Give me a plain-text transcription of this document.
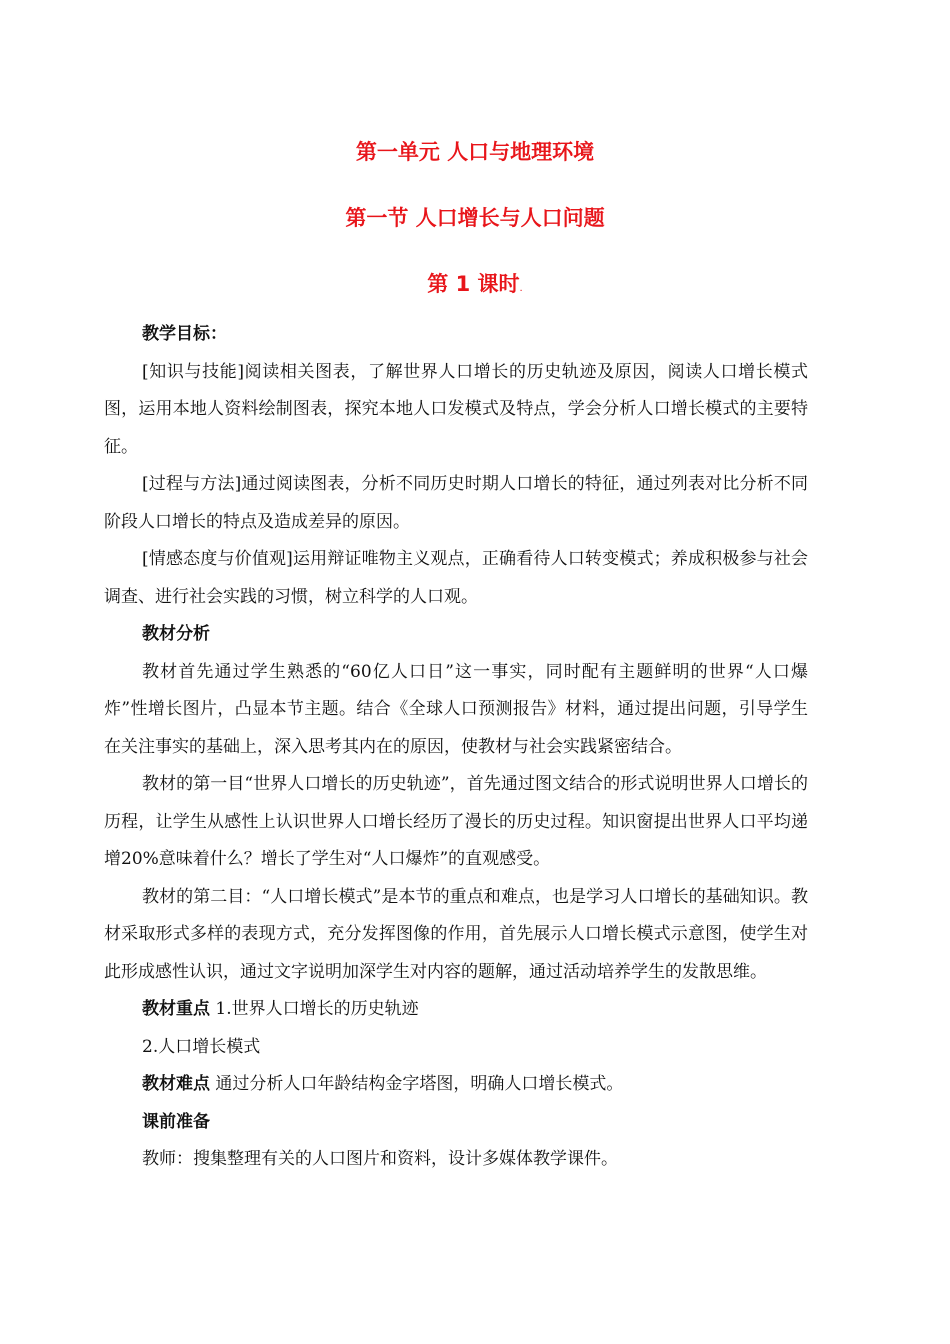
第一单元 人口与地理环境
第一节 人口增长与人口问题
第 1 课时.

教学目标：

[知识与技能]阅读相关图表，了解世界人口增长的历史轨迹及原因，阅读人口增长模式图，运用本地人资料绘制图表，探究本地人口发模式及特点，学会分析人口增长模式的主要特征。

[过程与方法]通过阅读图表，分析不同历史时期人口增长的特征，通过列表对比分析不同阶段人口增长的特点及造成差异的原因。

[情感态度与价值观]运用辩证唯物主义观点，正确看待人口转变模式；养成积极参与社会调查、进行社会实践的习惯，树立科学的人口观。

教材分析

教材首先通过学生熟悉的“60亿人口日”这一事实，同时配有主题鲜明的世界“人口爆炸”性增长图片，凸显本节主题。结合《全球人口预测报告》材料，通过提出问题，引导学生在关注事实的基础上，深入思考其内在的原因，使教材与社会实践紧密结合。

教材的第一目“世界人口增长的历史轨迹”，首先通过图文结合的形式说明世界人口增长的历程，让学生从感性上认识世界人口增长经历了漫长的历史过程。知识窗提出世界人口平均递增20%意味着什么？增长了学生对“人口爆炸”的直观感受。

教材的第二目：“人口增长模式”是本节的重点和难点，也是学习人口增长的基础知识。教材采取形式多样的表现方式，充分发挥图像的作用，首先展示人口增长模式示意图，使学生对此形成感性认识，通过文字说明加深学生对内容的题解，通过活动培养学生的发散思维。

教材重点 1.世界人口增长的历史轨迹

2.人口增长模式

教材难点 通过分析人口年龄结构金字塔图，明确人口增长模式。

课前准备

教师：搜集整理有关的人口图片和资料，设计多媒体教学课件。
